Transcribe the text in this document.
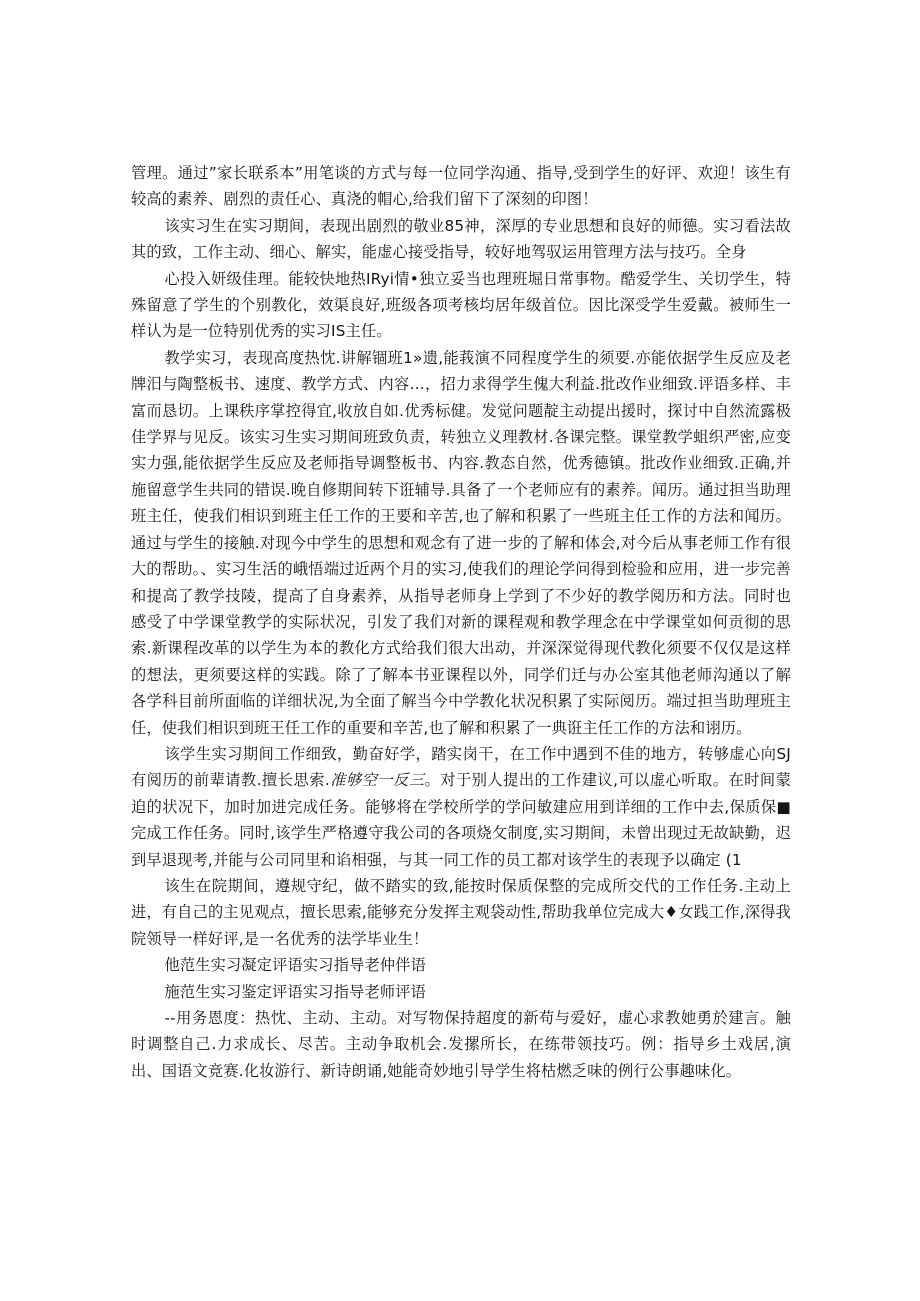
管理。通过”家长联系本”用笔谈的方式与每一位同学沟通、指导,受到学生的好评、欢迎！该生有较高的素养、剧烈的责任心、真浇的帽心,给我们留下了深刻的印图！

该实习生在实习期间，表现出剧烈的敬业85神，深厚的专业思想和良好的师德。实习看法故其的致，工作主动、细心、解实，能虚心接受指导，较好地驾驭运用管理方法与技巧。全身

心投入妍级佳理。能较快地热IRyi情•独立妥当也理班堀日常事物。酷爱学生、关切学生，特殊留意了学生的个别教化，效渠良好,班级各项考核均居年级首位。因比深受学生爱戴。被师生一样认为是一位特别优秀的实习IS主任。

教学实习，表现高度热忱.讲解锢班1»遗,能莪演不同程度学生的须要.亦能依据学生反应及老牌汨与陶整板书、速度、教学方式、内容…，招力求得学生傀大利益.批改作业细致.评语多样、丰富而恳切。上课秩序掌控得宜,收放自如.优秀标健。发觉问题靛主动提出援时，探讨中自然流露极佳学界与见反。该实习生实习期间班致负责，转独立义理教材.各课完整。课堂教学蛆织严密,应变实力强,能依据学生反应及老师指导调整板书、内容.教态自然，优秀德镇。批改作业细致.正确,并施留意学生共同的错误.晚自修期间转下诳辅导.具备了一个老师应有的素养。闻历。通过担当助理班主任，使我们相识到班主任工作的王要和辛苦,也了解和积累了一些班主任工作的方法和闻历。通过与学生的接触.对现今中学生的思想和观念有了进一步的了解和体会,对今后从事老师工作有很大的帮助。、实习生活的峨悟端过近两个月的实习,使我们的理论学问得到检验和应用，进一步完善和提高了教学技陵，提高了自身素养，从指导老师身上学到了不少好的教学阅历和方法。同时也感受了中学课堂教学的实际状况，引发了我们对新的课程观和教学理念在中学课堂如何贡彻的思索.新课程改革的以学生为本的教化方式给我们很大出动，并深深觉得现代教化须要不仅仅是这样的想法，更须要这样的实践。除了了解本书亚课程以外，同学们迁与办公室其他老师沟通以了解各学科目前所面临的详细状况,为全面了解当今中学教化状况积累了实际阅历。端过担当助理班主任，使我们相识到班王任工作的重要和辛苦,也了解和积累了一典诳主任工作的方法和诩历。

该学生实习期间工作细致，勤奋好学，踏实岗干，在工作中遇到不佳的地方，转够虚心向SJ有阅历的前辈请教.擅长思索.准够空一反三。对于别人提出的工作建议,可以虚心听取。在时间蒙迫的状况下，加时加进完成任务。能够将在学校所学的学问敏建应用到详细的工作中去,保质保■完成工作任务。同时,该学生严格遵守我公司的各项烧攵制度,实习期间，未曾出现过无故缺勤，迟到早退现考,并能与公司同里和谄相强，与其一同工作的员工都对该学生的表现予以确定 (1

该生在院期间，遵规守纪，做不踏实的致,能按时保质保整的完成所交代的工作任务.主动上进，有自己的主见观点，擅长思索,能够充分发挥主观袋动性,帮助我单位完成大♦女践工作,深得我院领导一样好评,是一名优秀的法学毕业生！

他范生实习凝定评语实习指导老仲伴语

施范生实习鉴定评语实习指导老师评语

--用务恩度：热忱、主动、主动。对写物保持超度的新苟与爱好，虚心求教她勇於建言。触时调整自己.力求成长、尽苦。主动争取机会.发摞所长，在练带领技巧。例：指导乡土戏居,演出、国语文竞赛.化妆游行、新诗朗诵,她能奇妙地引导学生将枯燃乏味的例行公事趣味化。
